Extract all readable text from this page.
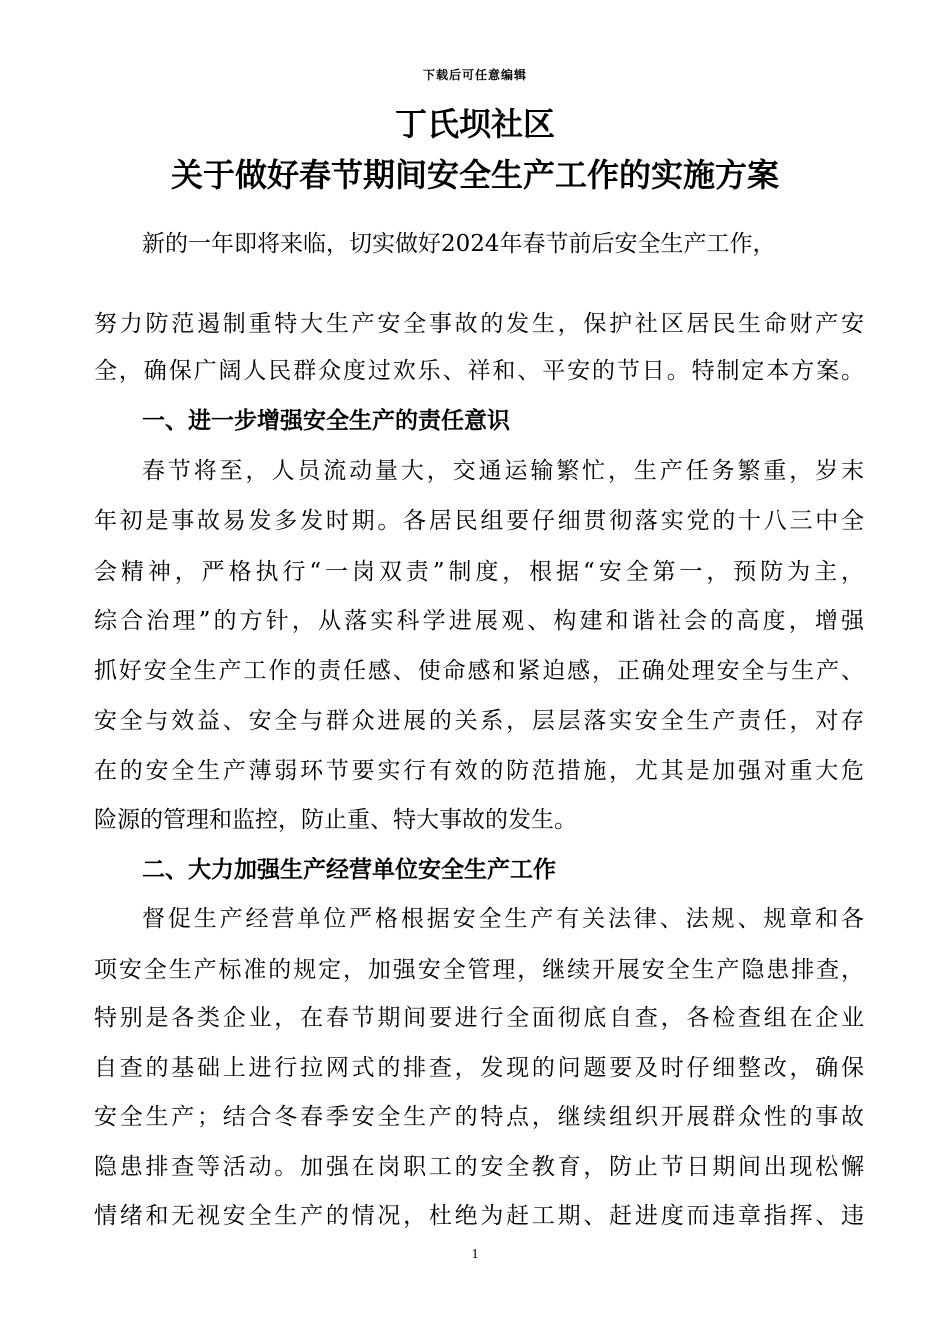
下载后可任意编辑
丁氏坝社区
关于做好春节期间安全生产工作的实施方案
新的一年即将来临，切实做好2024年春节前后安全生产工作，
努力防范遏制重特大生产安全事故的发生，保护社区居民生命财产安
全，确保广阔人民群众度过欢乐、祥和、平安的节日。特制定本方案。
一、进一步增强安全生产的责任意识
春节将至，人员流动量大，交通运输繁忙，生产任务繁重，岁末
年初是事故易发多发时期。各居民组要仔细贯彻落实党的十八三中全
会精神，严格执行“一岗双责”制度，根据“安全第一，预防为主，
综合治理”的方针，从落实科学进展观、构建和谐社会的高度，增强
抓好安全生产工作的责任感、使命感和紧迫感，正确处理安全与生产、
安全与效益、安全与群众进展的关系，层层落实安全生产责任，对存
在的安全生产薄弱环节要实行有效的防范措施，尤其是加强对重大危
险源的管理和监控，防止重、特大事故的发生。
二、大力加强生产经营单位安全生产工作
督促生产经营单位严格根据安全生产有关法律、法规、规章和各
项安全生产标准的规定，加强安全管理，继续开展安全生产隐患排查，
特别是各类企业，在春节期间要进行全面彻底自查，各检查组在企业
自查的基础上进行拉网式的排查，发现的问题要及时仔细整改，确保
安全生产；结合冬春季安全生产的特点，继续组织开展群众性的事故
隐患排查等活动。加强在岗职工的安全教育，防止节日期间出现松懈
情绪和无视安全生产的情况，杜绝为赶工期、赶进度而违章指挥、违
1
